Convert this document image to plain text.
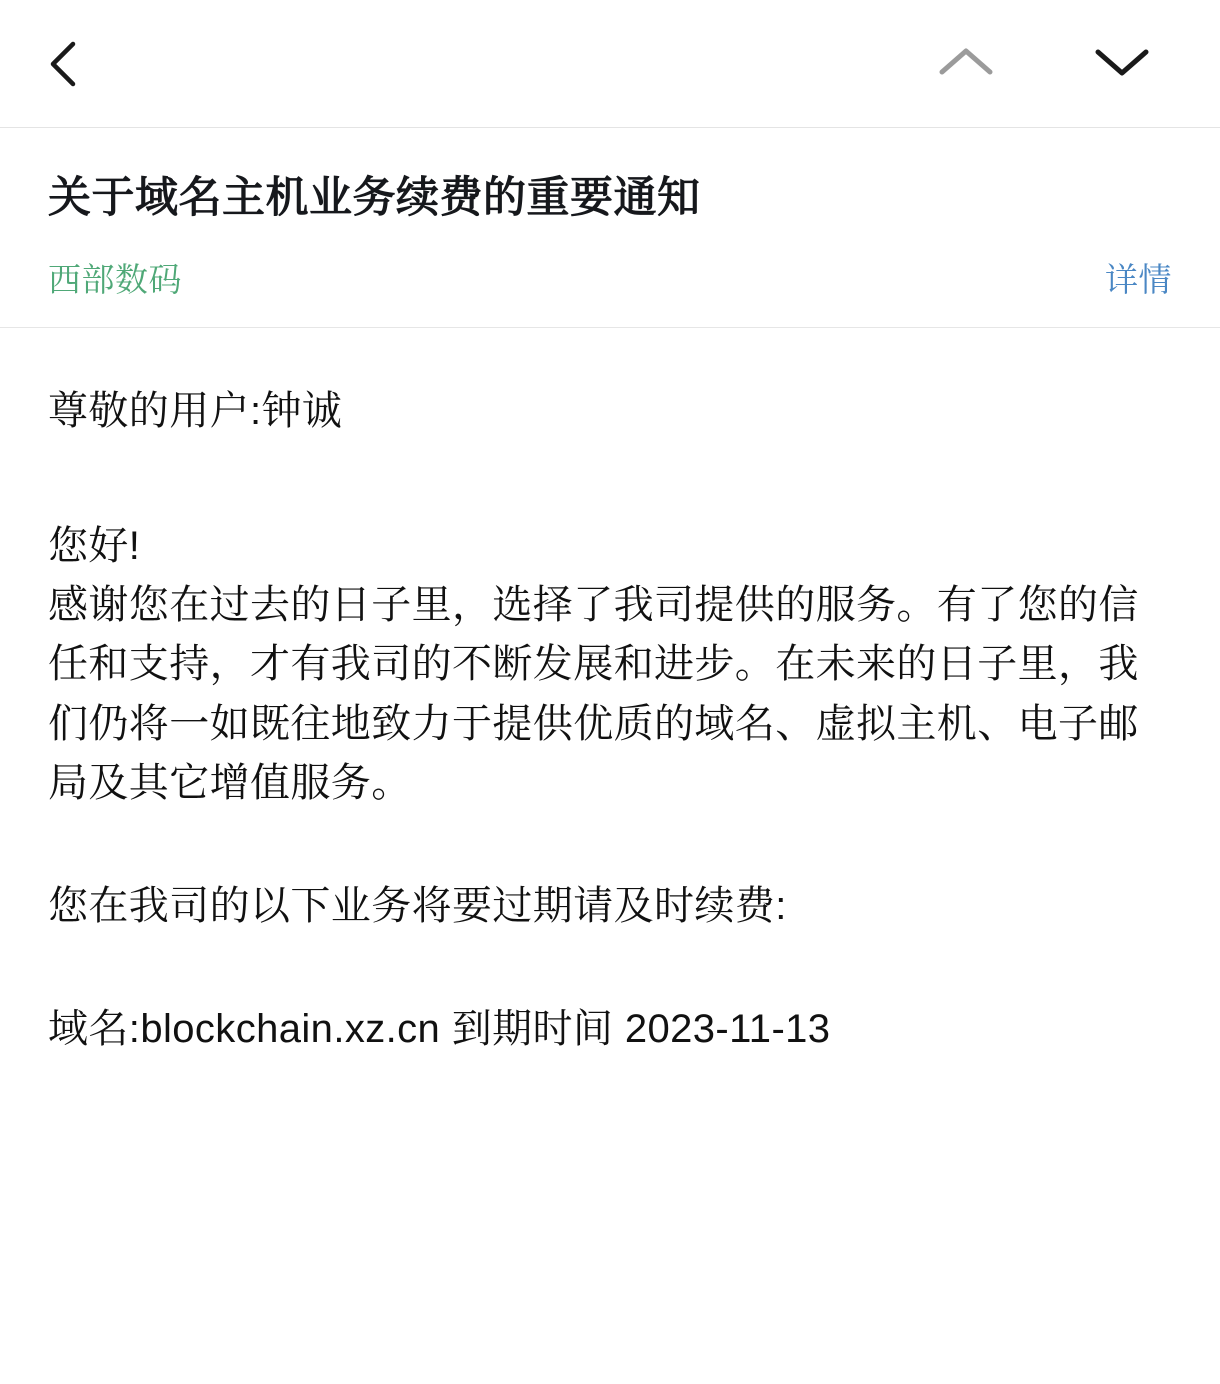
关于域名主机业务续费的重要通知
西部数码	详情

尊敬的用户:钟诚

您好!

感谢您在过去的日子里，选择了我司提供的服务。有了您的信任和支持，才有我司的不断发展和进步。在未来的日子里，我们仍将一如既往地致力于提供优质的域名、虚拟主机、电子邮局及其它增值服务。

您在我司的以下业务将要过期请及时续费:

域名:blockchain.xz.cn 到期时间 2023-11-13
